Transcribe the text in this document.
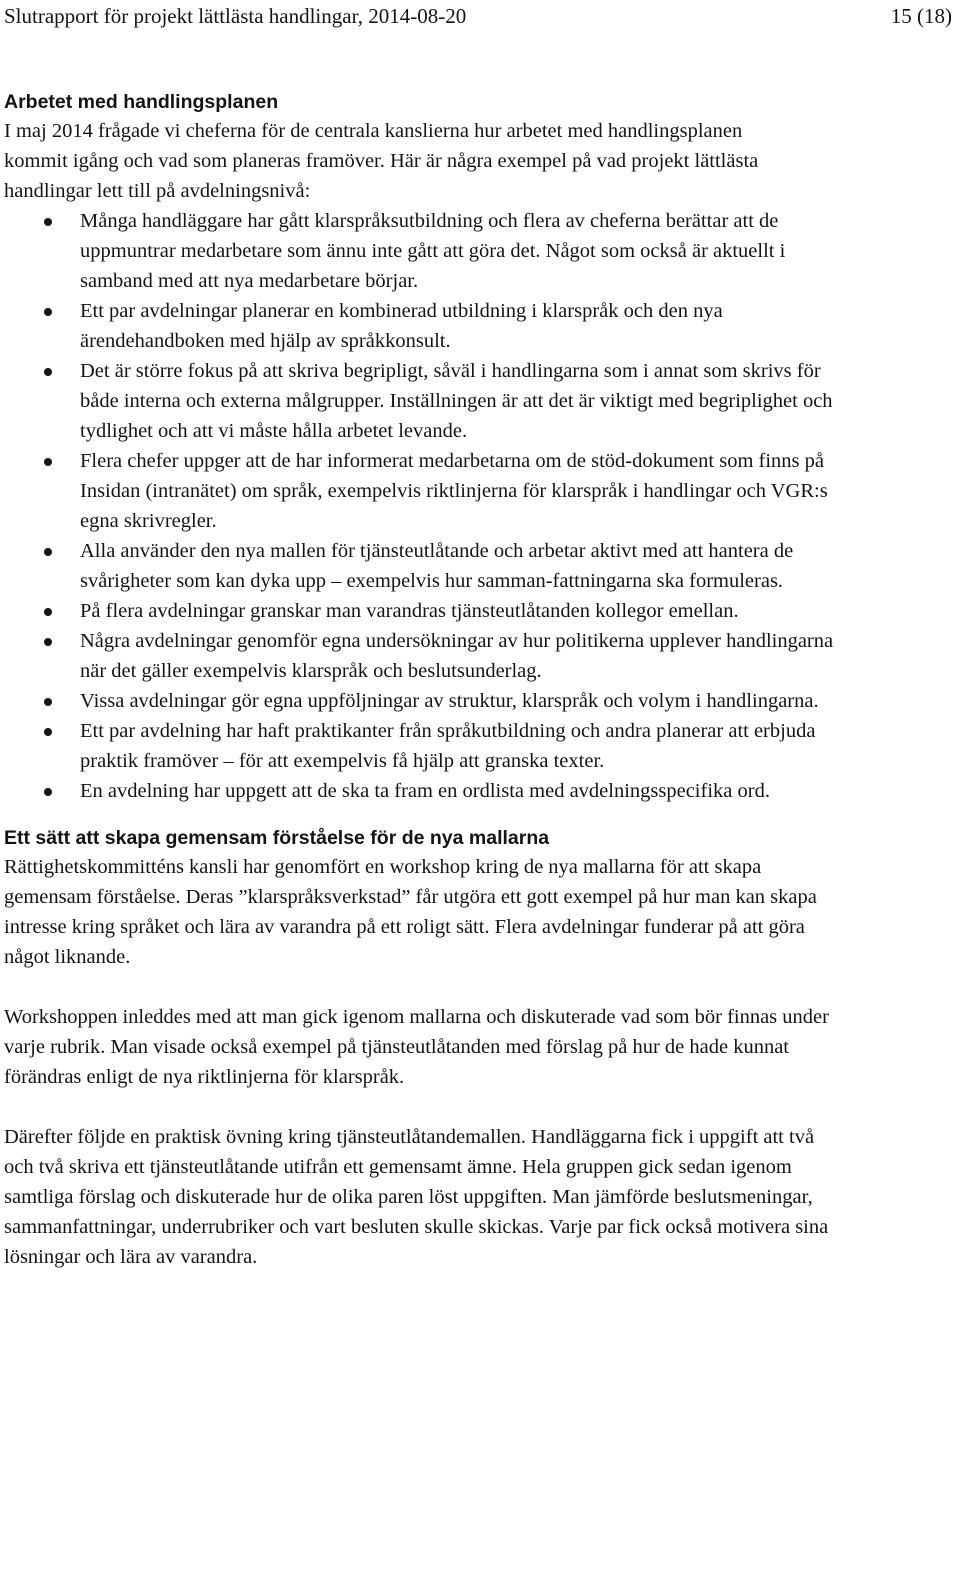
Slutrapport för projekt lättlästa handlingar, 2014-08-20	15 (18)
Arbetet med handlingsplanen

I maj 2014 frågade vi cheferna för de centrala kanslierna hur arbetet med handlingsplanen kommit igång och vad som planeras framöver. Här är några exempel på vad projekt lättlästa handlingar lett till på avdelningsnivå:

Många handläggare har gått klarspråksutbildning och flera av cheferna berättar att de uppmuntrar medarbetare som ännu inte gått att göra det. Något som också är aktuellt i samband med att nya medarbetare börjar.
Ett par avdelningar planerar en kombinerad utbildning i klarspråk och den nya ärendehandboken med hjälp av språkkonsult.
Det är större fokus på att skriva begripligt, såväl i handlingarna som i annat som skrivs för både interna och externa målgrupper. Inställningen är att det är viktigt med begriplighet och tydlighet och att vi måste hålla arbetet levande.
Flera chefer uppger att de har informerat medarbetarna om de stöd-dokument som finns på Insidan (intranätet) om språk, exempelvis riktlinjerna för klarspråk i handlingar och VGR:s egna skrivregler.
Alla använder den nya mallen för tjänsteutlåtande och arbetar aktivt med att hantera de svårigheter som kan dyka upp – exempelvis hur samman-fattningarna ska formuleras.
På flera avdelningar granskar man varandras tjänsteutlåtanden kollegor emellan.
Några avdelningar genomför egna undersökningar av hur politikerna upplever handlingarna när det gäller exempelvis klarspråk och beslutsunderlag.
Vissa avdelningar gör egna uppföljningar av struktur, klarspråk och volym i handlingarna.
Ett par avdelning har haft praktikanter från språkutbildning och andra planerar att erbjuda praktik framöver – för att exempelvis få hjälp att granska texter.
En avdelning har uppgett att de ska ta fram en ordlista med avdelningsspecifika ord.
Ett sätt att skapa gemensam förståelse för de nya mallarna

Rättighetskommitténs kansli har genomfört en workshop kring de nya mallarna för att skapa gemensam förståelse. Deras ”klarspråksverkstad” får utgöra ett gott exempel på hur man kan skapa intresse kring språket och lära av varandra på ett roligt sätt. Flera avdelningar funderar på att göra något liknande.

Workshoppen inleddes med att man gick igenom mallarna och diskuterade vad som bör finnas under varje rubrik. Man visade också exempel på tjänsteutlåtanden med förslag på hur de hade kunnat förändras enligt de nya riktlinjerna för klarspråk.

Därefter följde en praktisk övning kring tjänsteutlåtandemallen. Handläggarna fick i uppgift att två och två skriva ett tjänsteutlåtande utifrån ett gemensamt ämne. Hela gruppen gick sedan igenom samtliga förslag och diskuterade hur de olika paren löst uppgiften. Man jämförde beslutsmeningar, sammanfattningar, underrubriker och vart besluten skulle skickas. Varje par fick också motivera sina lösningar och lära av varandra.
